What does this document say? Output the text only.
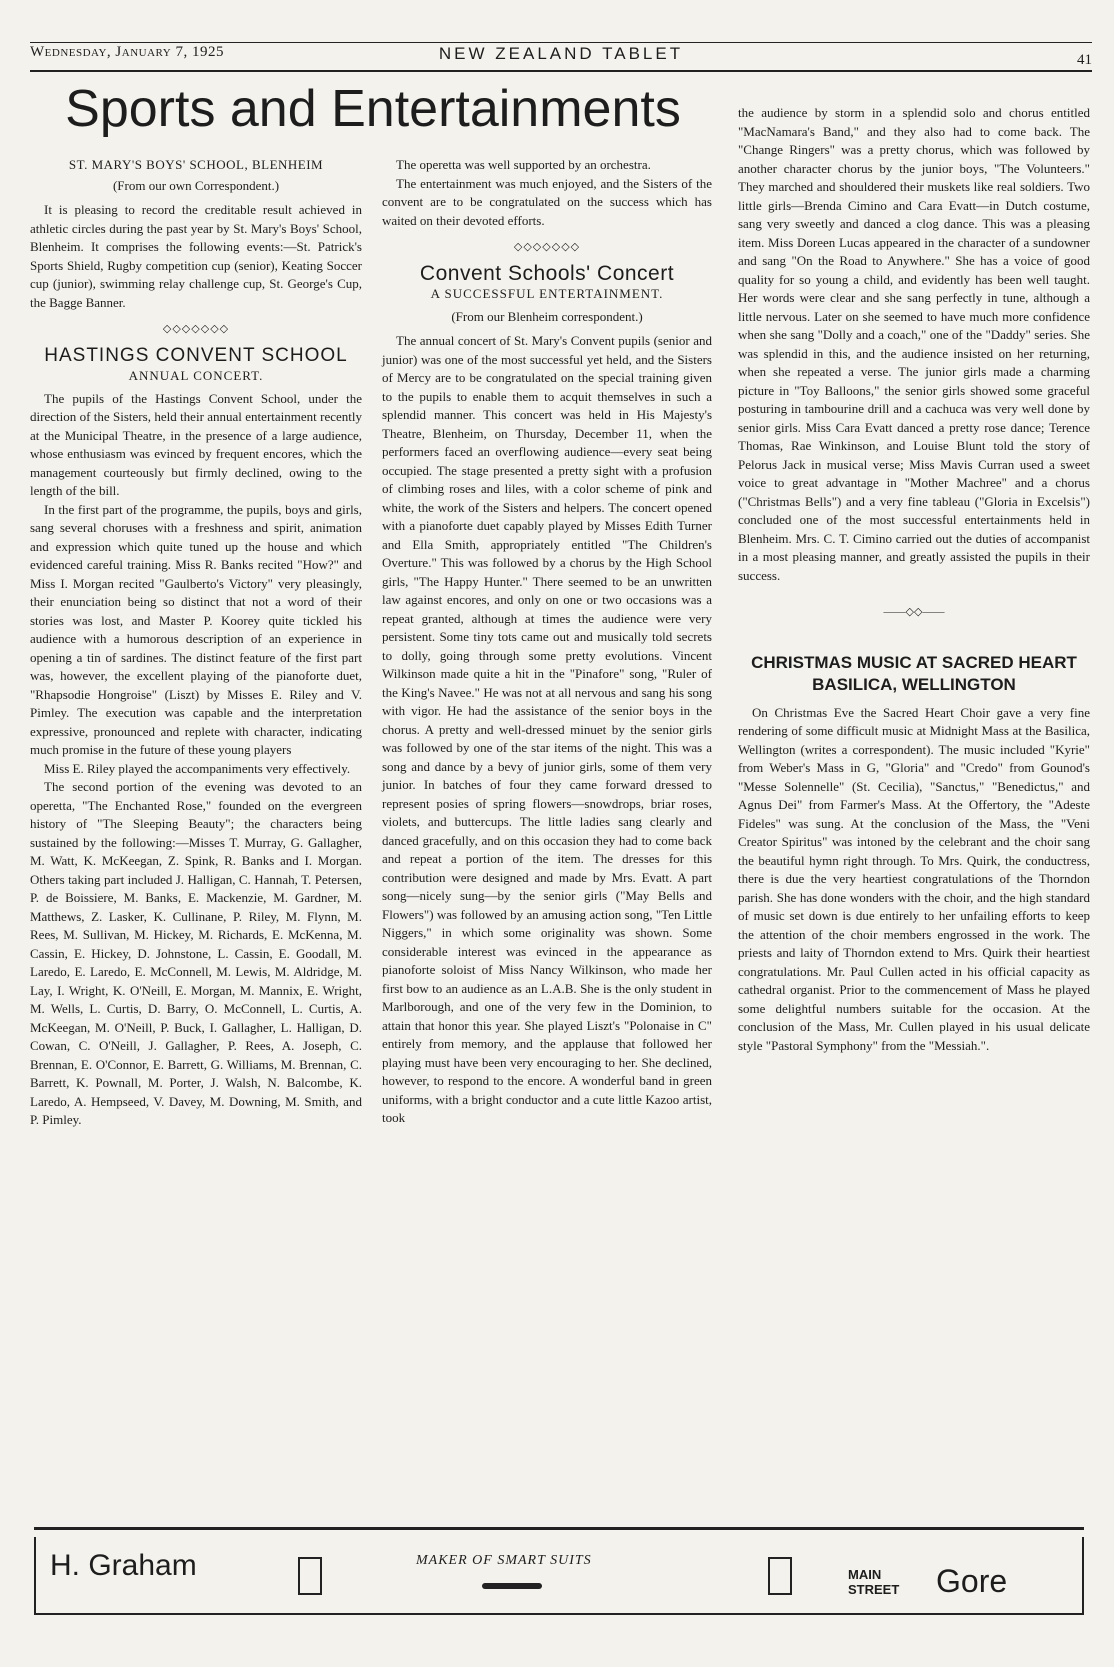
Wednesday, January 7, 1925	NEW ZEALAND TABLET	41
Sports and Entertainments
ST. MARY'S BOYS' SCHOOL, BLENHEIM
(From our own Correspondent.)

It is pleasing to record the creditable result achieved in athletic circles during the past year by St. Mary's Boys' School, Blenheim. It comprises the following events:—St. Patrick's Sports Shield, Rugby competition cup (senior), Keating Soccer cup (junior), swimming relay challenge cup, St. George's Cup, the Bagge Banner.

◇◇◇◇◇◇◇
HASTINGS CONVENT SCHOOL
ANNUAL CONCERT.

The pupils of the Hastings Convent School, under the direction of the Sisters, held their annual entertainment recently at the Municipal Theatre, in the presence of a large audience, whose enthusiasm was evinced by frequent encores, which the management courteously but firmly declined, owing to the length of the bill.

In the first part of the programme, the pupils, boys and girls, sang several choruses with a freshness and spirit, animation and expression which quite tuned up the house and which evidenced careful training. Miss R. Banks recited "How?" and Miss I. Morgan recited "Gaulberto's Victory" very pleasingly, their enunciation being so distinct that not a word of their stories was lost, and Master P. Koorey quite tickled his audience with a humorous description of an experience in opening a tin of sardines. The distinct feature of the first part was, however, the excellent playing of the pianoforte duet, "Rhapsodie Hongroise" (Liszt) by Misses E. Riley and V. Pimley. The execution was capable and the interpretation expressive, pronounced and replete with character, indicating much promise in the future of these young players

Miss E. Riley played the accompaniments very effectively.

The second portion of the evening was devoted to an operetta, "The Enchanted Rose," founded on the evergreen history of "The Sleeping Beauty"; the characters being sustained by the following:—Misses T. Murray, G. Gallagher, M. Watt, K. McKeegan, Z. Spink, R. Banks and I. Morgan. Others taking part included J. Halligan, C. Hannah, T. Petersen, P. de Boissiere, M. Banks, E. Mackenzie, M. Gardner, M. Matthews, Z. Lasker, K. Cullinane, P. Riley, M. Flynn, M. Rees, M. Sullivan, M. Hickey, M. Richards, E. McKenna, M. Cassin, E. Hickey, D. Johnstone, L. Cassin, E. Goodall, M. Laredo, E. Laredo, E. McConnell, M. Lewis, M. Aldridge, M. Lay, I. Wright, K. O'Neill, E. Morgan, M. Mannix, E. Wright, M. Wells, L. Curtis, D. Barry, O. McConnell, L. Curtis, A. McKeegan, M. O'Neill, P. Buck, I. Gallagher, L. Halligan, D. Cowan, C. O'Neill, J. Gallagher, P. Rees, A. Joseph, C. Brennan, E. O'Connor, E. Barrett, G. Williams, M. Brennan, C. Barrett, K. Pownall, M. Porter, J. Walsh, N. Balcombe, K. Laredo, A. Hempseed, V. Davey, M. Downing, M. Smith, and P. Pimley.

The operetta was well supported by an orchestra.

The entertainment was much enjoyed, and the Sisters of the convent are to be congratulated on the success which has waited on their devoted efforts.

◇◇◇◇◇◇◇
Convent Schools' Concert
A SUCCESSFUL ENTERTAINMENT.
(From our Blenheim correspondent.)

The annual concert of St. Mary's Convent pupils (senior and junior) was one of the most successful yet held, and the Sisters of Mercy are to be congratulated on the special training given to the pupils to enable them to acquit themselves in such a splendid manner. This concert was held in His Majesty's Theatre, Blenheim, on Thursday, December 11, when the performers faced an overflowing audience—every seat being occupied. The stage presented a pretty sight with a profusion of climbing roses and liles, with a color scheme of pink and white, the work of the Sisters and helpers. The concert opened with a pianoforte duet capably played by Misses Edith Turner and Ella Smith, appropriately entitled "The Children's Overture." This was followed by a chorus by the High School girls, "The Happy Hunter." There seemed to be an unwritten law against encores, and only on one or two occasions was a repeat granted, although at times the audience were very persistent. Some tiny tots came out and musically told secrets to dolly, going through some pretty evolutions. Vincent Wilkinson made quite a hit in the "Pinafore" song, "Ruler of the King's Navee." He was not at all nervous and sang his song with vigor. He had the assistance of the senior boys in the chorus. A pretty and well-dressed minuet by the senior girls was followed by one of the star items of the night. This was a song and dance by a bevy of junior girls, some of them very junior. In batches of four they came forward dressed to represent posies of spring flowers—snowdrops, briar roses, violets, and buttercups. The little ladies sang clearly and danced gracefully, and on this occasion they had to come back and repeat a portion of the item. The dresses for this contribution were designed and made by Mrs. Evatt. A part song—nicely sung—by the senior girls ("May Bells and Flowers") was followed by an amusing action song, "Ten Little Niggers," in which some originality was shown. Some considerable interest was evinced in the appearance as pianoforte soloist of Miss Nancy Wilkinson, who made her first bow to an audience as an L.A.B. She is the only student in Marlborough, and one of the very few in the Dominion, to attain that honor this year. She played Liszt's "Polonaise in C" entirely from memory, and the applause that followed her playing must have been very encouraging to her. She declined, however, to respond to the encore. A wonderful band in green uniforms, with a bright conductor and a cute little Kazoo artist, took

the audience by storm in a splendid solo and chorus entitled "MacNamara's Band," and they also had to come back. The "Change Ringers" was a pretty chorus, which was followed by another character chorus by the junior boys, "The Volunteers." They marched and shouldered their muskets like real soldiers. Two little girls—Brenda Cimino and Cara Evatt—in Dutch costume, sang very sweetly and danced a clog dance. This was a pleasing item. Miss Doreen Lucas appeared in the character of a sundowner and sang "On the Road to Anywhere." She has a voice of good quality for so young a child, and evidently has been well taught. Her words were clear and she sang perfectly in tune, although a little nervous. Later on she seemed to have much more confidence when she sang "Dolly and a coach," one of the "Daddy" series. She was splendid in this, and the audience insisted on her returning, when she repeated a verse. The junior girls made a charming picture in "Toy Balloons," the senior girls showed some graceful posturing in tambourine drill and a cachuca was very well done by senior girls. Miss Cara Evatt danced a pretty rose dance; Terence Thomas, Rae Winkinson, and Louise Blunt told the story of Pelorus Jack in musical verse; Miss Mavis Curran used a sweet voice to great advantage in "Mother Machree" and a chorus ("Christmas Bells") and a very fine tableau ("Gloria in Excelsis") concluded one of the most successful entertainments held in Blenheim. Mrs. C. T. Cimino carried out the duties of accompanist in a most pleasing manner, and greatly assisted the pupils in their success.

——◇◇——
CHRISTMAS MUSIC AT SACRED HEART BASILICA, WELLINGTON

On Christmas Eve the Sacred Heart Choir gave a very fine rendering of some difficult music at Midnight Mass at the Basilica, Wellington (writes a correspondent). The music included "Kyrie" from Weber's Mass in G, "Gloria" and "Credo" from Gounod's "Messe Solennelle" (St. Cecilia), "Sanctus," "Benedictus," and Agnus Dei" from Farmer's Mass. At the Offertory, the "Adeste Fideles" was sung. At the conclusion of the Mass, the "Veni Creator Spiritus" was intoned by the celebrant and the choir sang the beautiful hymn right through. To Mrs. Quirk, the conductress, there is due the very heartiest congratulations of the Thorndon parish. She has done wonders with the choir, and the high standard of music set down is due entirely to her unfailing efforts to keep the attention of the choir members engrossed in the work. The priests and laity of Thorndon extend to Mrs. Quirk their heartiest congratulations. Mr. Paul Cullen acted in his official capacity as cathedral organist. Prior to the commencement of Mass he played some delightful numbers suitable for the occasion. At the conclusion of the Mass, Mr. Cullen played in his usual delicate style "Pastoral Symphony" from the "Messiah.".

H. Graham	MAKER OF SMART SUITS
MAIN
STREET Gore
